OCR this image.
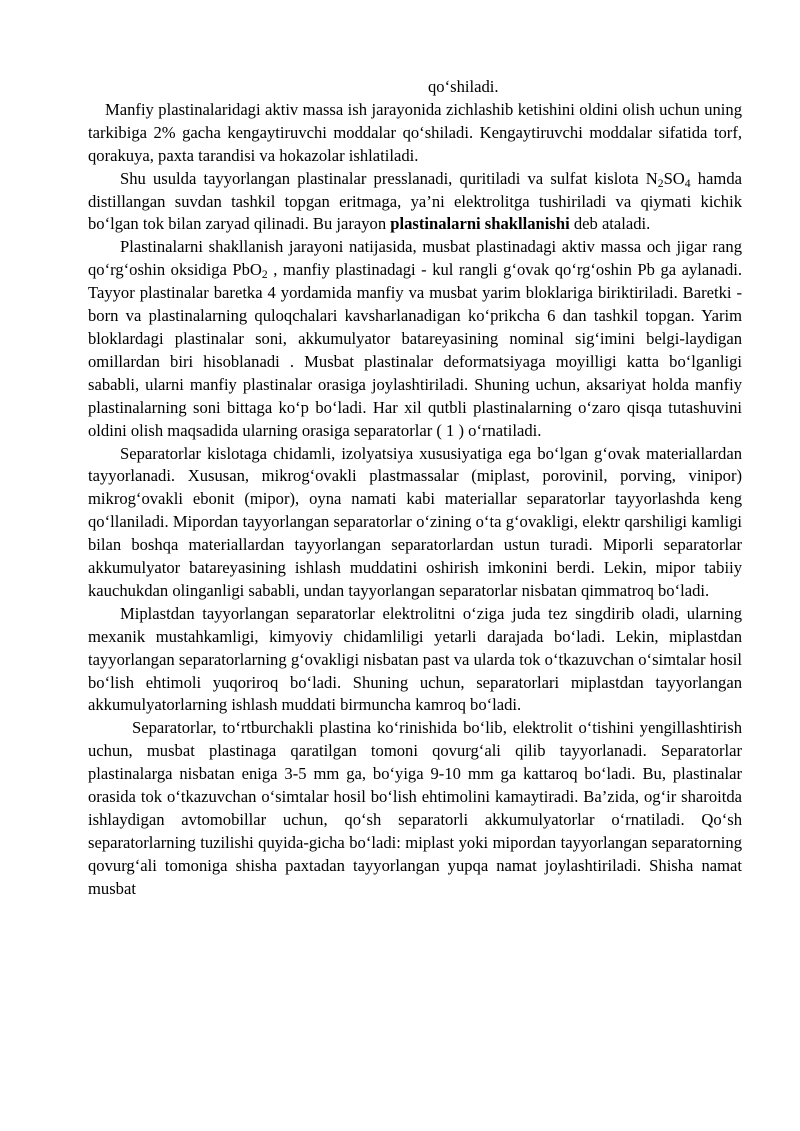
qo‘shiladi.

Manfiy plastinalaridagi aktiv massa ish jarayonida zichlashib ketishini oldini olish uchun uning tarkibiga 2% gacha kengaytiruvchi moddalar qo‘shiladi. Kengaytiruvchi moddalar sifatida torf, qorakuya, paxta tarandisi va hokazolar ishlatiladi.

Shu usulda tayyorlangan plastinalar presslanadi, quritiladi va sulfat kislota $N_2SO_4$ hamda distillangan suvdan tashkil topgan eritmaga, ya’ni elektrolitga tushiriladi va qiymati kichik bo‘lgan tok bilan zaryad qilinadi. Bu jarayon plastinalarni shakllanishi deb ataladi.

Plastinalarni shakllanish jarayoni natijasida, musbat plastinadagi aktiv massa och jigar rang qo‘rg‘oshin oksidiga PbO$_2$ , manfiy plastinadagi - kul rangli g‘ovak qo‘rg‘oshin Pb ga aylanadi. Tayyor plastinalar baretka 4 yordamida manfiy va musbat yarim bloklariga biriktiriladi. Baretki - born va plastinalarning quloqchalari kavsharlanadigan ko‘prikcha 6 dan tashkil topgan. Yarim bloklardagi plastinalar soni, akkumulyator batareyasining nominal sig‘imini belgi-laydigan omillardan biri hisoblanadi . Musbat plastinalar deformatsiyaga moyilligi katta bo‘lganligi sababli, ularni manfiy plastinalar orasiga joylashtiriladi. Shuning uchun, aksariyat holda manfiy plastinalarning soni bittaga ko‘p bo‘ladi. Har xil qutbli plastinalarning o‘zaro qisqa tutashuvini oldini olish maqsadida ularning orasiga separatorlar ( 1 ) o‘rnatiladi.

Separatorlar kislotaga chidamli, izolyatsiya xususiyatiga ega bo‘lgan g‘ovak materiallardan tayyorlanadi. Xususan, mikrog‘ovakli plastmassalar (miplast, porovinil, porving, vinipor) mikrog‘ovakli ebonit (mipor), oyna namati kabi materiallar separatorlar tayyorlashda keng qo‘llaniladi. Mipordan tayyorlangan separatorlar o‘zining o‘ta g‘ovakligi, elektr qarshiligi kamligi bilan boshqa materiallardan tayyorlangan separatorlardan ustun turadi. Miporli separatorlar akkumulyator batareyasining ishlash muddatini oshirish imkonini berdi. Lekin, mipor tabiiy kauchukdan olinganligi sababli, undan tayyorlangan separatorlar nisbatan qimmatroq bo‘ladi.

Miplastdan tayyorlangan separatorlar elektrolitni o‘ziga juda tez singdirib oladi, ularning mexanik mustahkamligi, kimyoviy chidamliligi yetarli darajada bo‘ladi. Lekin, miplastdan tayyorlangan separatorlarning g‘ovakligi nisbatan past va ularda tok o‘tkazuvchan o‘simtalar hosil bo‘lish ehtimoli yuqoriroq bo‘ladi. Shuning uchun, separatorlari miplastdan tayyorlangan akkumulyatorlarning ishlash muddati birmuncha kamroq bo‘ladi.

Separatorlar, to‘rtburchakli plastina ko‘rinishida bo‘lib, elektrolit o‘tishini yengillashtirish uchun, musbat plastinaga qaratilgan tomoni qovurg‘ali qilib tayyorlanadi. Separatorlar plastinalarga nisbatan eniga 3-5 mm ga, bo‘yiga 9-10 mm ga kattaroq bo‘ladi. Bu, plastinalar orasida tok o‘tkazuvchan o‘simtalar hosil bo‘lish ehtimolini kamaytiradi. Ba’zida, og‘ir sharoitda ishlaydigan avtomobillar uchun, qo‘sh separatorli akkumulyatorlar o‘rnatiladi. Qo‘sh separatorlarning tuzilishi quyida-gicha bo‘ladi: miplast yoki mipordan tayyorlangan separatorning qovurg‘ali tomoniga shisha paxtadan tayyorlangan yupqa namat joylashtiriladi. Shisha namat musbat
